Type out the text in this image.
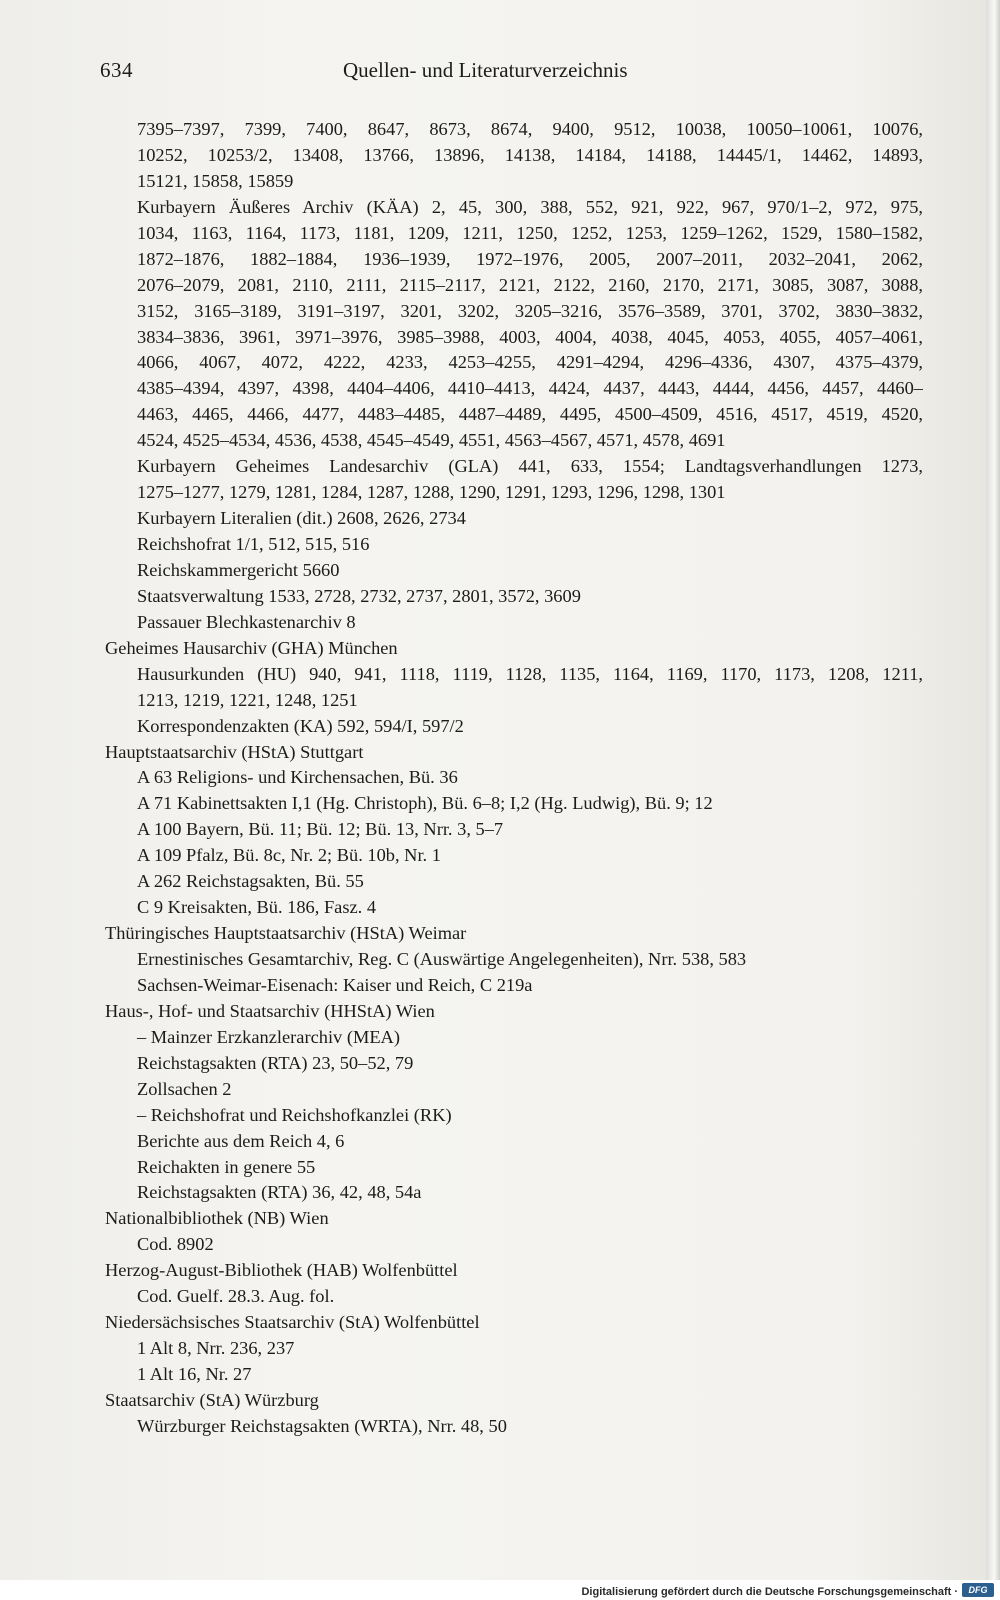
634	Quellen- und Literaturverzeichnis
7395–7397, 7399, 7400, 8647, 8673, 8674, 9400, 9512, 10038, 10050–10061, 10076,
10252, 10253/2, 13408, 13766, 13896, 14138, 14184, 14188, 14445/1, 14462, 14893,
15121, 15858, 15859
Kurbayern Äußeres Archiv (KÄA) 2, 45, 300, 388, 552, 921, 922, 967, 970/1–2, 972, 975,
1034, 1163, 1164, 1173, 1181, 1209, 1211, 1250, 1252, 1253, 1259–1262, 1529, 1580–1582,
1872–1876, 1882–1884, 1936–1939, 1972–1976, 2005, 2007–2011, 2032–2041, 2062,
2076–2079, 2081, 2110, 2111, 2115–2117, 2121, 2122, 2160, 2170, 2171, 3085, 3087, 3088,
3152, 3165–3189, 3191–3197, 3201, 3202, 3205–3216, 3576–3589, 3701, 3702, 3830–3832,
3834–3836, 3961, 3971–3976, 3985–3988, 4003, 4004, 4038, 4045, 4053, 4055, 4057–4061,
4066, 4067, 4072, 4222, 4233, 4253–4255, 4291–4294, 4296–4336, 4307, 4375–4379,
4385–4394, 4397, 4398, 4404–4406, 4410–4413, 4424, 4437, 4443, 4444, 4456, 4457, 4460–
4463, 4465, 4466, 4477, 4483–4485, 4487–4489, 4495, 4500–4509, 4516, 4517, 4519, 4520,
4524, 4525–4534, 4536, 4538, 4545–4549, 4551, 4563–4567, 4571, 4578, 4691
Kurbayern Geheimes Landesarchiv (GLA) 441, 633, 1554; Landtagsverhandlungen 1273,
1275–1277, 1279, 1281, 1284, 1287, 1288, 1290, 1291, 1293, 1296, 1298, 1301
Kurbayern Literalien (dit.) 2608, 2626, 2734
Reichshofrat 1/1, 512, 515, 516
Reichskammergericht 5660
Staatsverwaltung 1533, 2728, 2732, 2737, 2801, 3572, 3609
Passauer Blechkastenarchiv 8
Geheimes Hausarchiv (GHA) München
Hausurkunden (HU) 940, 941, 1118, 1119, 1128, 1135, 1164, 1169, 1170, 1173, 1208, 1211,
1213, 1219, 1221, 1248, 1251
Korrespondenzakten (KA) 592, 594/I, 597/2
Hauptstaatsarchiv (HStA) Stuttgart
A 63 Religions- und Kirchensachen, Bü. 36
A 71 Kabinettsakten I,1 (Hg. Christoph), Bü. 6–8; I,2 (Hg. Ludwig), Bü. 9; 12
A 100 Bayern, Bü. 11; Bü. 12; Bü. 13, Nrr. 3, 5–7
A 109 Pfalz, Bü. 8c, Nr. 2; Bü. 10b, Nr. 1
A 262 Reichstagsakten, Bü. 55
C 9 Kreisakten, Bü. 186, Fasz. 4
Thüringisches Hauptstaatsarchiv (HStA) Weimar
Ernestinisches Gesamtarchiv, Reg. C (Auswärtige Angelegenheiten), Nrr. 538, 583
Sachsen-Weimar-Eisenach: Kaiser und Reich, C 219a
Haus-, Hof- und Staatsarchiv (HHStA) Wien
– Mainzer Erzkanzlerarchiv (MEA)
Reichstagsakten (RTA) 23, 50–52, 79
Zollsachen 2
– Reichshofrat und Reichshofkanzlei (RK)
Berichte aus dem Reich 4, 6
Reichakten in genere 55
Reichstagsakten (RTA) 36, 42, 48, 54a
Nationalbibliothek (NB) Wien
Cod. 8902
Herzog-August-Bibliothek (HAB) Wolfenbüttel
Cod. Guelf. 28.3. Aug. fol.
Niedersächsisches Staatsarchiv (StA) Wolfenbüttel
1 Alt 8, Nrr. 236, 237
1 Alt 16, Nr. 27
Staatsarchiv (StA) Würzburg
Würzburger Reichstagsakten (WRTA), Nrr. 48, 50
Digitalisierung gefördert durch die Deutsche Forschungsgemeinschaft ·	DFG
